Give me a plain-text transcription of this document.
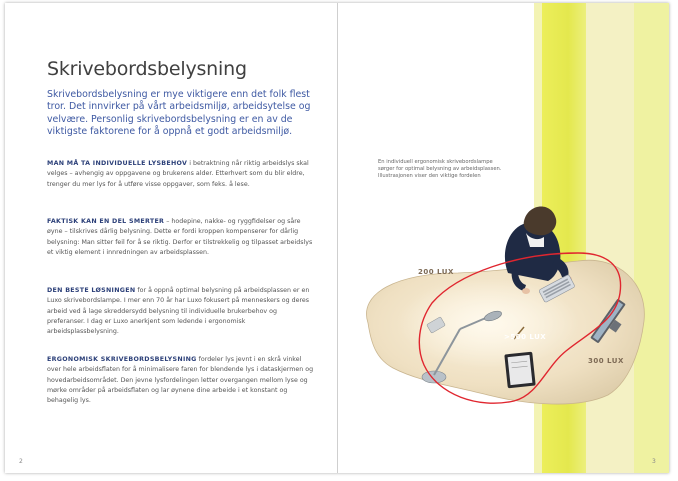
Skrivebordsbelysning

Skrivebordsbelysning er mye viktigere enn det folk flest tror. Det innvirker på vårt arbeidsmiljø, arbeidsytelse og velvære. Personlig skrivebordsbelysning er en av de viktigste faktorene for å oppnå et godt arbeidsmiljø.

MAN MÅ TA INDIVIDUELLE LYSBEHOV i betraktning når riktig arbeidslys skal velges – avhengig av oppgavene og brukerens alder. Etterhvert som du blir eldre, trenger du mer lys for å utføre visse oppgaver, som feks. å lese.

FAKTISK KAN EN DEL SMERTER – hodepine, nakke- og ryggfidelser og såre øyne – tilskrives dårlig belysning. Dette er fordi kroppen kompenserer for dårlig belysning: Man sitter feil for å se riktig. Derfor er tilstrekkelig og tilpasset arbeidslys et viktig element i innredningen av arbeidsplassen.

DEN BESTE LØSNINGEN for å oppnå optimal belysning på arbeidsplassen er en Luxo skrivebordslampe. I mer enn 70 år har Luxo fokusert på menneskers og deres arbeid ved å lage skreddersydd belysning til individuelle brukerbehov og preferanser. I dag er Luxo anerkjent som ledende i ergonomisk arbeidsplassbelysning.

ERGONOMISK SKRIVEBORDSBELYSNING fordeler lys jevnt i en skrå vinkel over hele arbeidsflaten for å minimalisere faren for blendende lys i dataskjermen og hovedarbeidsområdet. Den jevne lysfordelingen letter overgangen mellom lyse og mørke områder på arbeidsflaten og lar øynene dine arbeide i et konstant og behagelig lys.

2

En individuell ergonomisk skrivebordslampe sørger for optimal belysning av arbeidsplassen. Illustrasjonen viser den viktige fordelen

200 LUX
>500 LUX
300 LUX
3
